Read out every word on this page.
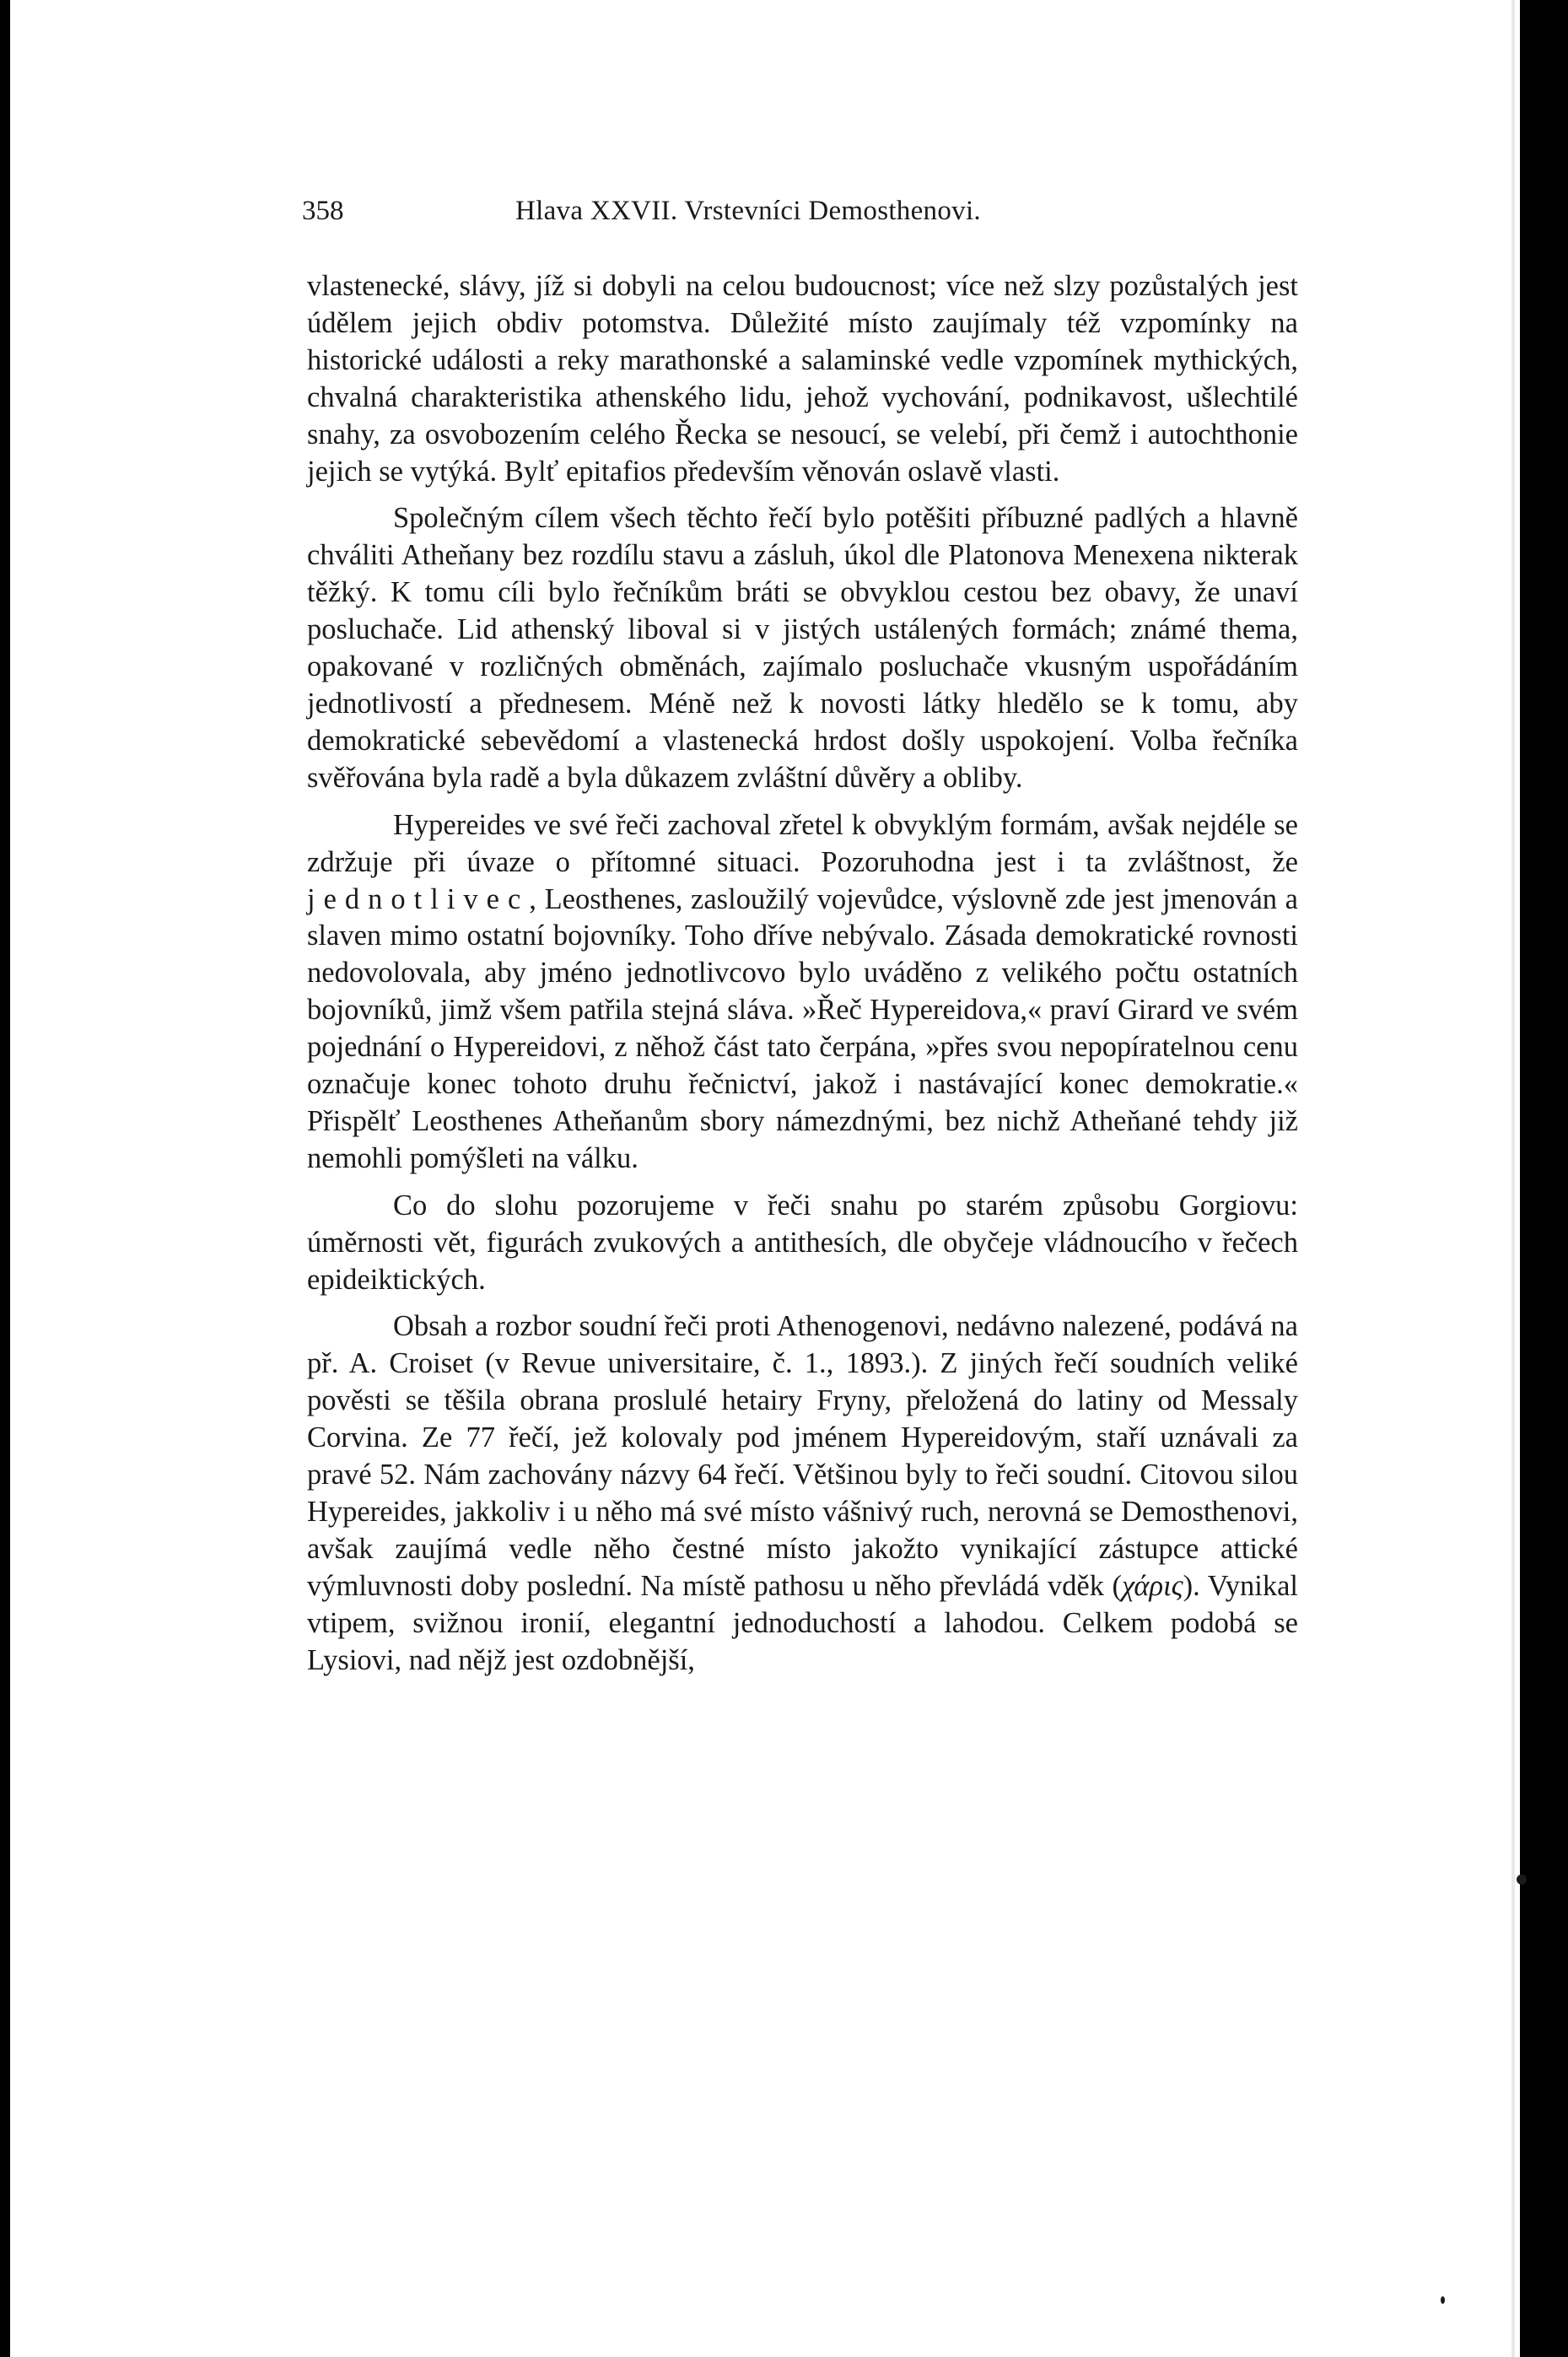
358	Hlava XXVII. Vrstevníci Demosthenovi.

vlastenecké, slávy, jíž si dobyli na celou budoucnost; více než slzy pozůstalých jest údělem jejich obdiv potomstva. Důležité místo zaujímaly též vzpomínky na historické události a reky marathonské a salaminské vedle vzpomínek mythických, chvalná charakteristika athenského lidu, jehož vychování, podnikavost, ušlechtilé snahy, za osvobozením celého Řecka se nesoucí, se velebí, při čemž i autochthonie jejich se vytýká. Bylť epitafios především věnován oslavě vlasti.

Společným cílem všech těchto řečí bylo potěšiti příbuzné padlých a hlavně chváliti Atheňany bez rozdílu stavu a zásluh, úkol dle Platonova Menexena nikterak těžký. K tomu cíli bylo řečníkům bráti se obvyklou cestou bez obavy, že unaví posluchače. Lid athenský liboval si v jistých ustálených formách; známé thema, opakované v rozličných obměnách, zajímalo posluchače vkusným uspořádáním jednotlivostí a přednesem. Méně než k novosti látky hledělo se k tomu, aby demokratické sebevědomí a vlastenecká hrdost došly uspokojení. Volba řečníka svěřována byla radě a byla důkazem zvláštní důvěry a obliby.

Hypereides ve své řeči zachoval zřetel k obvyklým formám, avšak nejdéle se zdržuje při úvaze o přítomné situaci. Pozoruhodna jest i ta zvláštnost, že jednotlivec, Leosthenes, zasloužilý vojevůdce, výslovně zde jest jmenován a slaven mimo ostatní bojovníky. Toho dříve nebývalo. Zásada demokratické rovnosti nedovolovala, aby jméno jednotlivcovo bylo uváděno z velikého počtu ostatních bojovníků, jimž všem patřila stejná sláva. »Řeč Hypereidova,« praví Girard ve svém pojednání o Hypereidovi, z něhož část tato čerpána, »přes svou nepopíratelnou cenu označuje konec tohoto druhu řečnictví, jakož i nastávající konec demokratie.« Přispělť Leosthenes Atheňanům sbory námezdnými, bez nichž Atheňané tehdy již nemohli pomýšleti na válku.

Co do slohu pozorujeme v řeči snahu po starém způsobu Gorgiovu: úměrnosti vět, figurách zvukových a antithesích, dle obyčeje vládnoucího v řečech epideiktických.

Obsah a rozbor soudní řeči proti Athenogenovi, nedávno nalezené, podává na př. A. Croiset (v Revue universitaire, č. 1., 1893.). Z jiných řečí soudních veliké pověsti se těšila obrana proslulé hetairy Fryny, přeložená do latiny od Messaly Corvina. Ze 77 řečí, jež kolovaly pod jménem Hypereidovým, staří uznávali za pravé 52. Nám zachovány názvy 64 řečí. Většinou byly to řeči soudní. Citovou silou Hypereides, jakkoliv i u něho má své místo vášnivý ruch, nerovná se Demosthenovi, avšak zaujímá vedle něho čestné místo jakožto vynikající zástupce attické výmluvnosti doby poslední. Na místě pathosu u něho převládá vděk (χάρις). Vynikal vtipem, svižnou ironií, elegantní jednoduchostí a lahodou. Celkem podobá se Lysiovi, nad nějž jest ozdobnější,
